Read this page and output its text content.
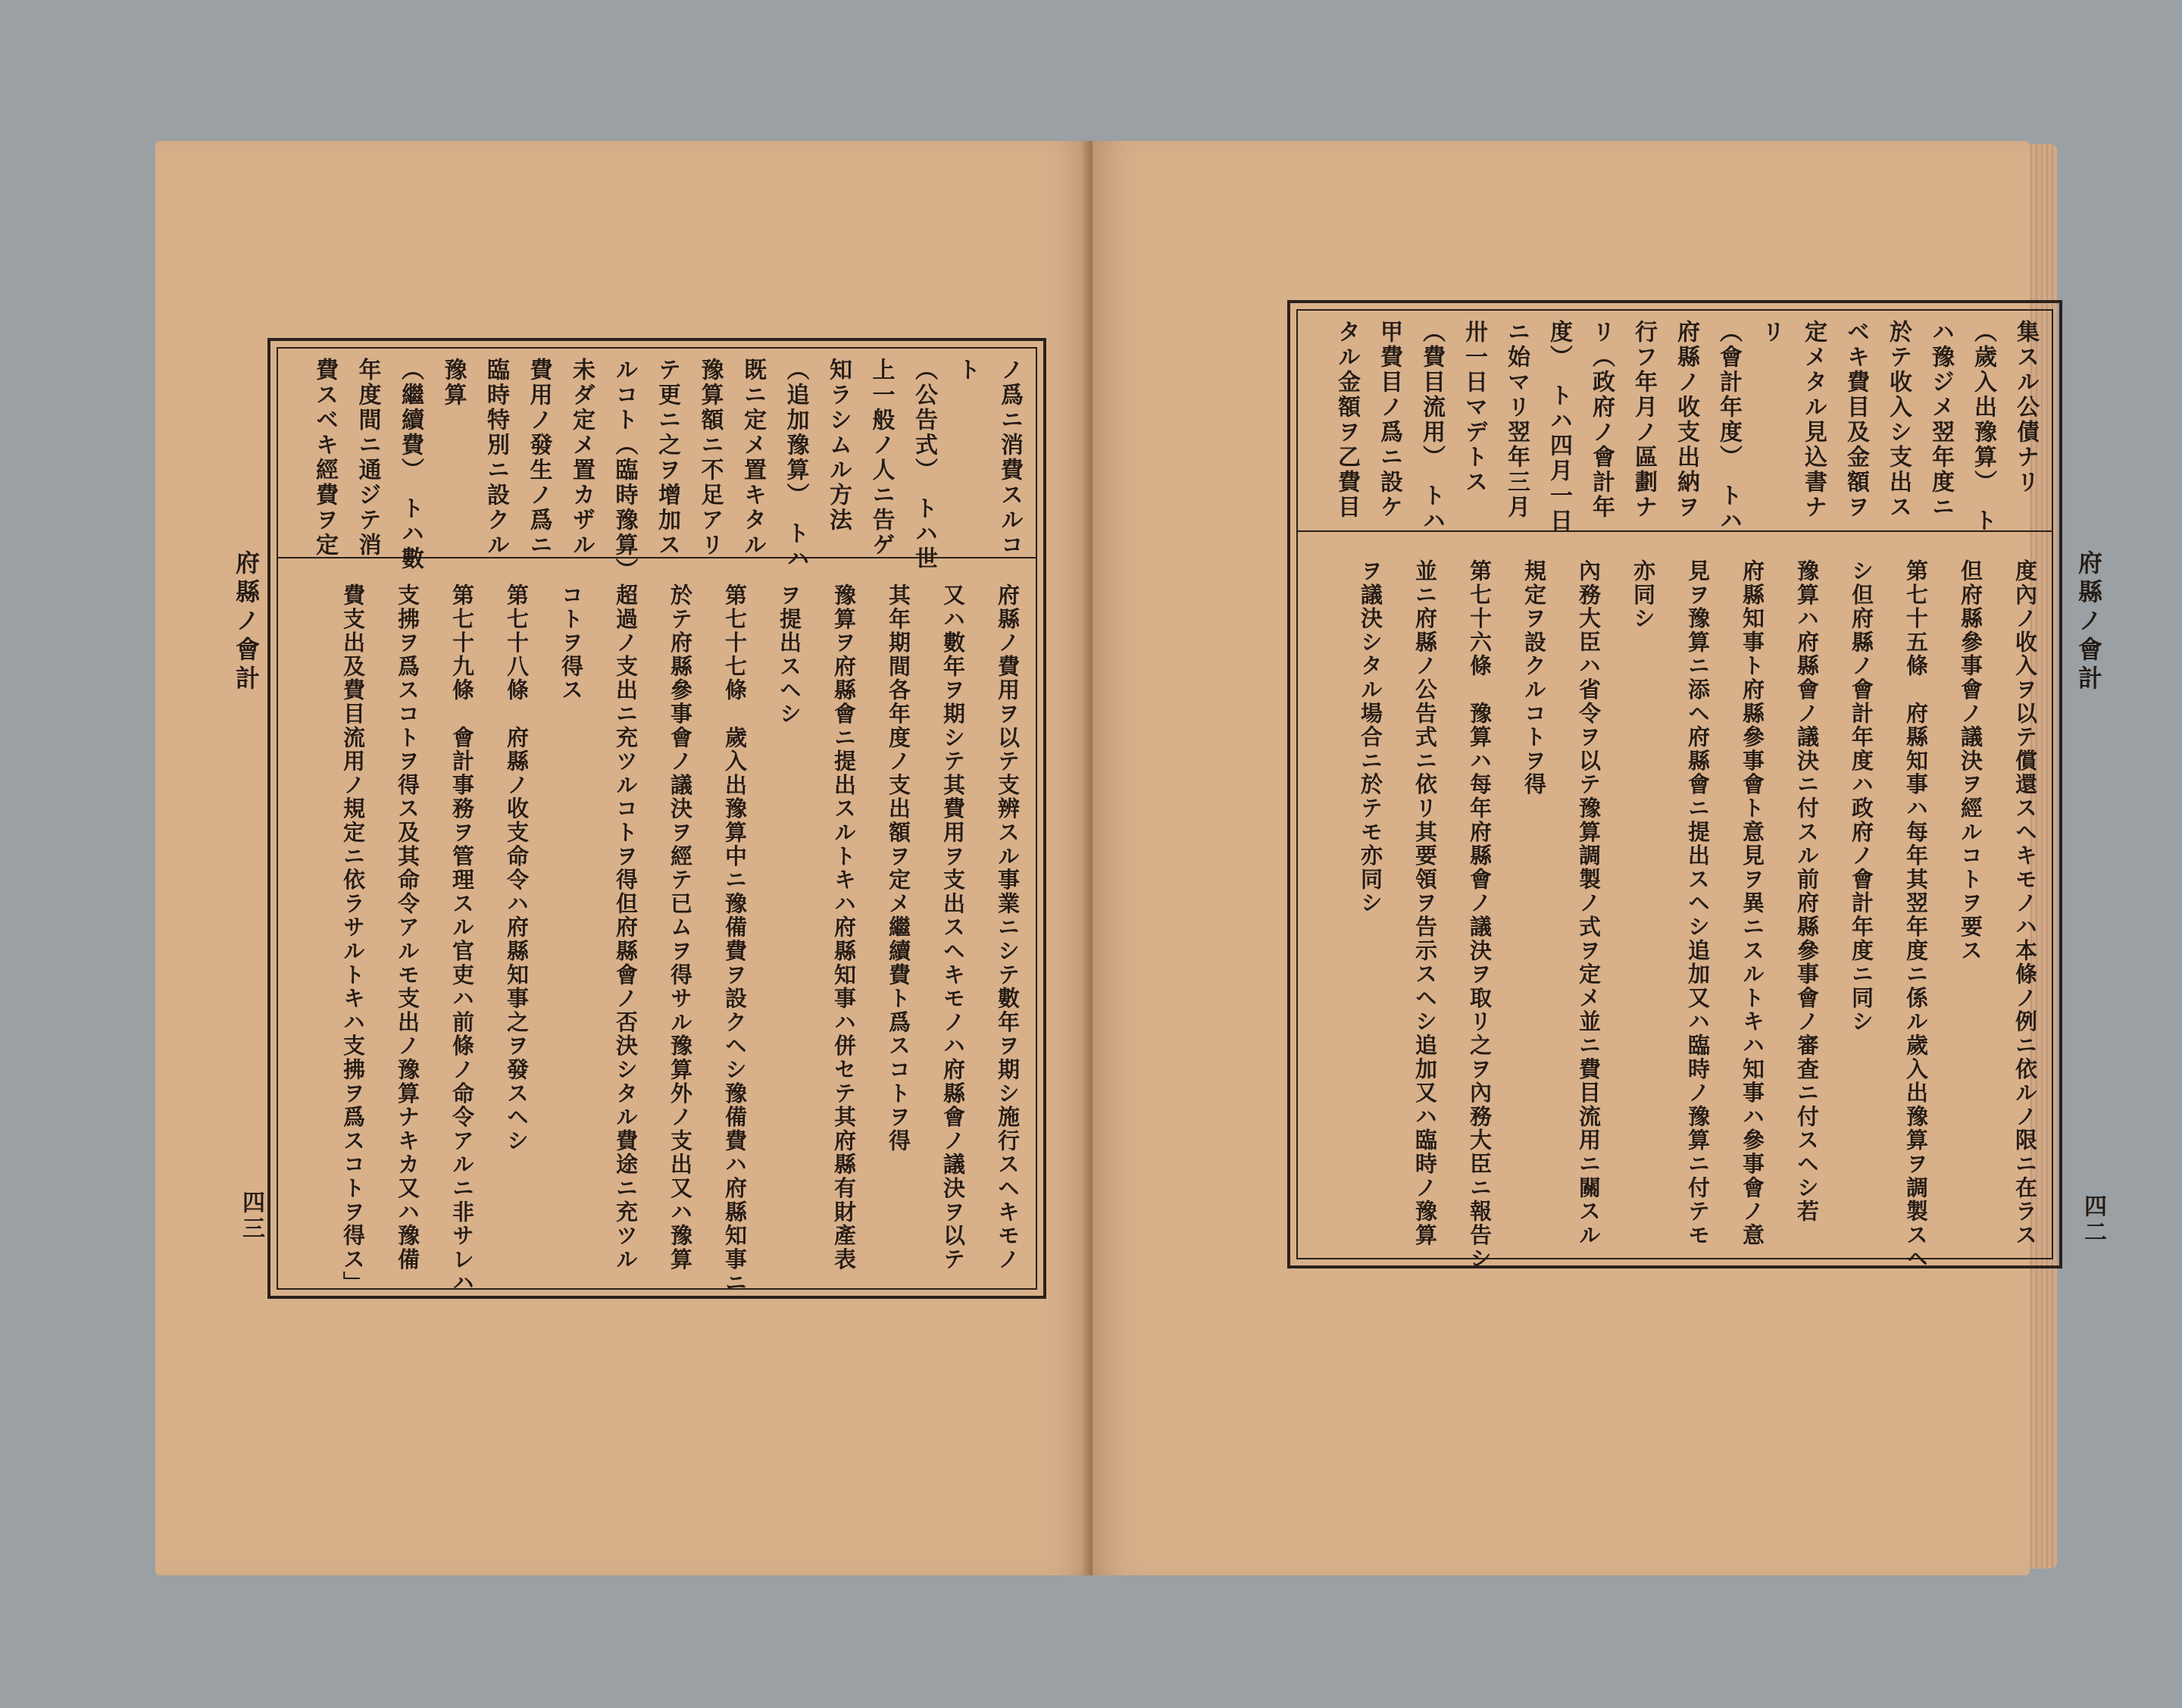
府縣ノ會計
四三
ノ爲ニ消費スルコ
ト
（公告式）　トハ世
上一般ノ人ニ告ゲ
知ラシムル方法
（追加豫算）　トハ
既ニ定メ置キタル
豫算額ニ不足アリ
テ更ニ之ヲ增加ス
ルコト（臨時豫算）
未ダ定メ置カザル
費用ノ發生ノ爲ニ
臨時特別ニ設クル
豫算
（繼續費）　トハ數
年度間ニ通ジテ消
費スベキ經費ヲ定
府縣ノ費用ヲ以テ支辨スル事業ニシテ數年ヲ期シ施行スヘキモノ
又ハ數年ヲ期シテ其費用ヲ支出スヘキモノハ府縣會ノ議決ヲ以テ
其年期間各年度ノ支出額ヲ定メ繼續費ト爲スコトヲ得
豫算ヲ府縣會ニ提出スルトキハ府縣知事ハ併セテ其府縣有財產表
ヲ提出スヘシ
第七十七條　歲入出豫算中ニ豫備費ヲ設クヘシ豫備費ハ府縣知事ニ
於テ府縣參事會ノ議決ヲ經テ已ムヲ得サル豫算外ノ支出又ハ豫算
超過ノ支出ニ充ツルコトヲ得但府縣會ノ否決シタル費途ニ充ツル
コトヲ得ス
第七十八條　府縣ノ收支命令ハ府縣知事之ヲ發スヘシ
第七十九條　會計事務ヲ管理スル官吏ハ前條ノ命令アルニ非サレハ
支拂ヲ爲スコトヲ得ス及其命令アルモ支出ノ豫算ナキカ又ハ豫備
費支出及費目流用ノ規定ニ依ラサルトキハ支拂ヲ爲スコトヲ得ス」	府縣ノ會計
四二
集スル公債ナリ
（歲入出豫算）　ト
ハ豫ジメ翌年度ニ
於テ收入シ支出ス
ベキ費目及金額ヲ
定メタル見込書ナ
リ
（會計年度）　トハ
府縣ノ收支出納ヲ
行フ年月ノ區劃ナ
リ（政府ノ會計年
度）　トハ四月一日
ニ始マリ翌年三月
卅一日マデトス
（費目流用）　トハ
甲費目ノ爲ニ設ケ
タル金額ヲ乙費目
度內ノ收入ヲ以テ償還スヘキモノハ本條ノ例ニ依ルノ限ニ在ラス
但府縣參事會ノ議決ヲ經ルコトヲ要ス
第七十五條　府縣知事ハ每年其翌年度ニ係ル歲入出豫算ヲ調製スヘ
シ但府縣ノ會計年度ハ政府ノ會計年度ニ同シ
豫算ハ府縣會ノ議決ニ付スル前府縣參事會ノ審査ニ付スヘシ若
府縣知事ト府縣參事會ト意見ヲ異ニスルトキハ知事ハ參事會ノ意
見ヲ豫算ニ添ヘ府縣會ニ提出スヘシ追加又ハ臨時ノ豫算ニ付テモ
亦同シ
內務大臣ハ省令ヲ以テ豫算調製ノ式ヲ定メ並ニ費目流用ニ關スル
規定ヲ設クルコトヲ得
第七十六條　豫算ハ每年府縣會ノ議決ヲ取リ之ヲ內務大臣ニ報告シ
並ニ府縣ノ公告式ニ依リ其要領ヲ告示スヘシ追加又ハ臨時ノ豫算
ヲ議決シタル場合ニ於テモ亦同シ
